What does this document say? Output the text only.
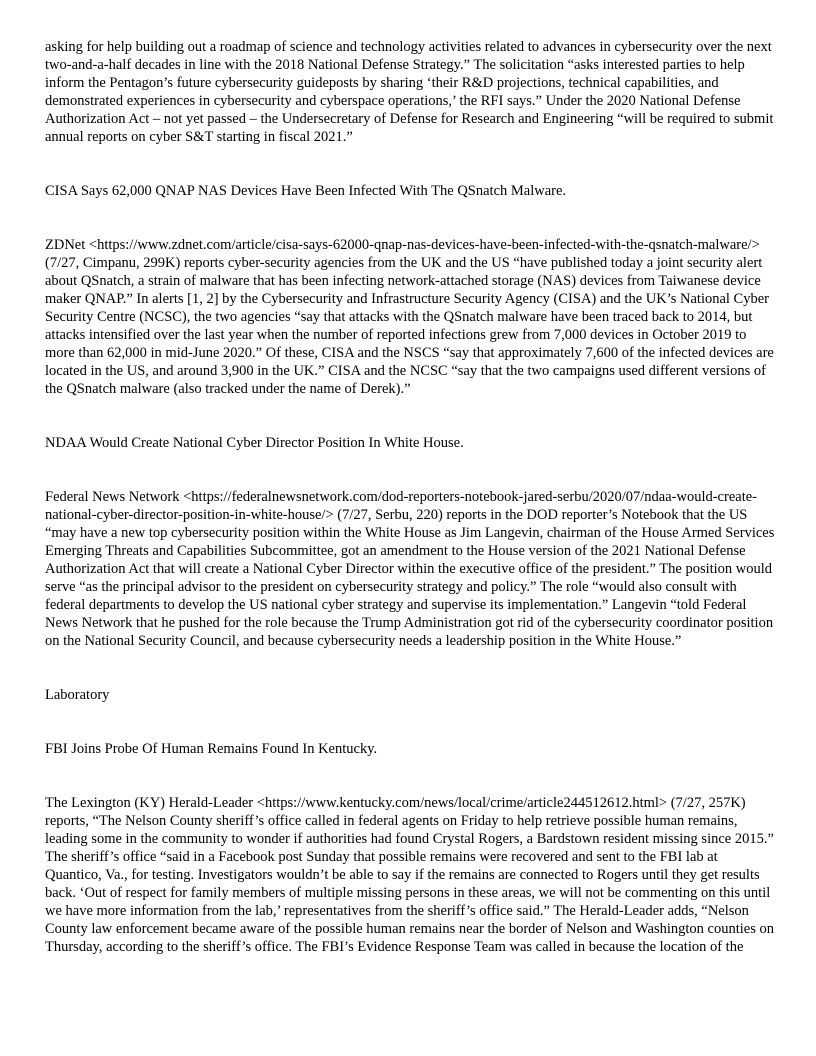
asking for help building out a roadmap of science and technology activities related to advances in cybersecurity over the next two-and-a-half decades in line with the 2018 National Defense Strategy.” The solicitation “asks interested parties to help inform the Pentagon’s future cybersecurity guideposts by sharing ‘their R&D projections, technical capabilities, and demonstrated experiences in cybersecurity and cyberspace operations,’ the RFI says.” Under the 2020 National Defense Authorization Act – not yet passed – the Undersecretary of Defense for Research and Engineering “will be required to submit annual reports on cyber S&T starting in fiscal 2021.”

CISA Says 62,000 QNAP NAS Devices Have Been Infected With The QSnatch Malware.

ZDNet <https://www.zdnet.com/article/cisa-says-62000-qnap-nas-devices-have-been-infected-with-the-qsnatch-malware/> (7/27, Cimpanu, 299K) reports cyber-security agencies from the UK and the US “have published today a joint security alert about QSnatch, a strain of malware that has been infecting network-attached storage (NAS) devices from Taiwanese device maker QNAP.” In alerts [1, 2] by the Cybersecurity and Infrastructure Security Agency (CISA) and the UK’s National Cyber Security Centre (NCSC), the two agencies “say that attacks with the QSnatch malware have been traced back to 2014, but attacks intensified over the last year when the number of reported infections grew from 7,000 devices in October 2019 to more than 62,000 in mid-June 2020.” Of these, CISA and the NSCS “say that approximately 7,600 of the infected devices are located in the US, and around 3,900 in the UK.” CISA and the NCSC “say that the two campaigns used different versions of the QSnatch malware (also tracked under the name of Derek).”

NDAA Would Create National Cyber Director Position In White House.

Federal News Network <https://federalnewsnetwork.com/dod-reporters-notebook-jared-serbu/2020/07/ndaa-would-create-national-cyber-director-position-in-white-house/> (7/27, Serbu, 220) reports in the DOD reporter’s Notebook that the US “may have a new top cybersecurity position within the White House as Jim Langevin, chairman of the House Armed Services Emerging Threats and Capabilities Subcommittee, got an amendment to the House version of the 2021 National Defense Authorization Act that will create a National Cyber Director within the executive office of the president.” The position would serve “as the principal advisor to the president on cybersecurity strategy and policy.” The role “would also consult with federal departments to develop the US national cyber strategy and supervise its implementation.” Langevin “told Federal News Network that he pushed for the role because the Trump Administration got rid of the cybersecurity coordinator position on the National Security Council, and because cybersecurity needs a leadership position in the White House.”

Laboratory

FBI Joins Probe Of Human Remains Found In Kentucky.

The Lexington (KY) Herald-Leader <https://www.kentucky.com/news/local/crime/article244512612.html> (7/27, 257K) reports, “The Nelson County sheriff’s office called in federal agents on Friday to help retrieve possible human remains, leading some in the community to wonder if authorities had found Crystal Rogers, a Bardstown resident missing since 2015.” The sheriff’s office “said in a Facebook post Sunday that possible remains were recovered and sent to the FBI lab at Quantico, Va., for testing. Investigators wouldn’t be able to say if the remains are connected to Rogers until they get results back. ‘Out of respect for family members of multiple missing persons in these areas, we will not be commenting on this until we have more information from the lab,’ representatives from the sheriff’s office said.” The Herald-Leader adds, “Nelson County law enforcement became aware of the possible human remains near the border of Nelson and Washington counties on Thursday, according to the sheriff’s office. The FBI’s Evidence Response Team was called in because the location of the
